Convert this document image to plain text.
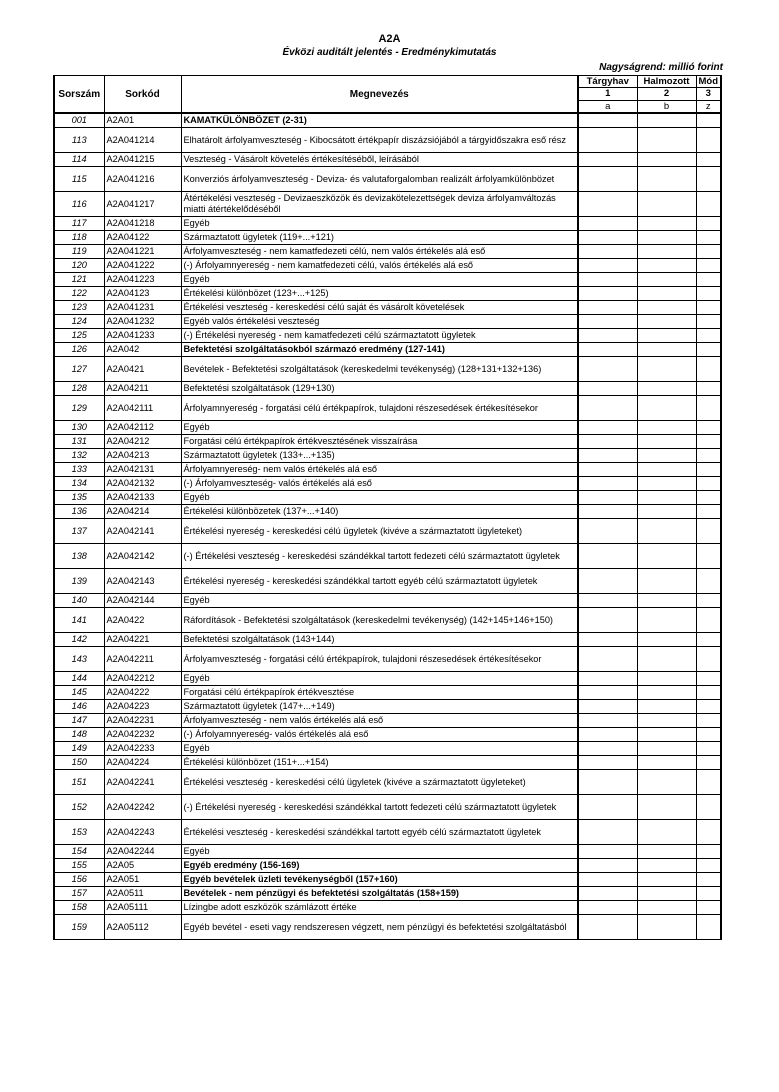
A2A
Évközi auditált jelentés - Eredménykimutatás
Nagyságrend: millió forint
Sorszám	Sorkód	Megnevezés	Tárgyhav	Halmozott	Mód
			1	2	3
			a	b	z
001	A2A01	KAMATKÜLÖNBÖZET (2-31)			
113	A2A041214	Elhatárolt árfolyamveszteség - Kibocsátott értékpapír diszázsiójából a tárgyidőszakra eső rész			
114	A2A041215	Veszteség - Vásárolt követelés értékesítéséből, leírásából			
115	A2A041216	Konverziós árfolyamveszteség - Deviza- és valutaforgalomban realizált árfolyamkülönbözet			
116	A2A041217	Átértékelési veszteség - Devizaeszközök és devizakötelezettségek deviza árfolyamváltozás miatti átértékelődéséből			
117	A2A041218	Egyéb			
118	A2A04122	Származtatott ügyletek (119+...+121)			
119	A2A041221	Árfolyamveszteség - nem kamatfedezeti célú, nem valós értékelés alá eső			
120	A2A041222	(-) Árfolyamnyereség - nem kamatfedezeti célú, valós értékelés alá eső			
121	A2A041223	Egyéb			
122	A2A04123	Értékelési különbözet (123+...+125)			
123	A2A041231	Értékelési veszteség - kereskedési célú saját és vásárolt követelések			
124	A2A041232	Egyéb valós értékelési veszteség			
125	A2A041233	(-) Értékelési nyereség - nem kamatfedezeti célú származtatott ügyletek			
126	A2A042	Befektetési szolgáltatásokból származó eredmény (127-141)			
127	A2A0421	Bevételek - Befektetési szolgáltatások (kereskedelmi tevékenység) (128+131+132+136)			
128	A2A04211	Befektetési szolgáltatások (129+130)			
129	A2A042111	Árfolyamnyereség - forgatási célú értékpapírok, tulajdoni részesedések értékesítésekor			
130	A2A042112	Egyéb			
131	A2A04212	Forgatási célú értékpapírok értékvesztésének visszaírása			
132	A2A04213	Származtatott ügyletek (133+...+135)			
133	A2A042131	Árfolyamnyereség- nem valós értékelés alá eső			
134	A2A042132	(-) Árfolyamveszteség- valós értékelés alá eső			
135	A2A042133	Egyéb			
136	A2A04214	Értékelési különbözetek (137+...+140)			
137	A2A042141	Értékelési nyereség - kereskedési célú ügyletek (kivéve a származtatott ügyleteket)			
138	A2A042142	(-) Értékelési veszteség - kereskedési szándékkal tartott fedezeti célú származtatott ügyletek			
139	A2A042143	Értékelési nyereség - kereskedési szándékkal tartott egyéb célú származtatott ügyletek			
140	A2A042144	Egyéb			
141	A2A0422	Ráfordítások - Befektetési szolgáltatások (kereskedelmi tevékenység) (142+145+146+150)			
142	A2A04221	Befektetési szolgáltatások (143+144)			
143	A2A042211	Árfolyamveszteség - forgatási célú értékpapírok, tulajdoni részesedések értékesítésekor			
144	A2A042212	Egyéb			
145	A2A04222	Forgatási célú értékpapírok értékvesztése			
146	A2A04223	Származtatott ügyletek (147+...+149)			
147	A2A042231	Árfolyamveszteség - nem valós értékelés alá eső			
148	A2A042232	(-) Árfolyamnyereség- valós értékelés alá eső			
149	A2A042233	Egyéb			
150	A2A04224	Értékelési különbözet (151+...+154)			
151	A2A042241	Értékelési veszteség - kereskedési célú ügyletek (kivéve a származtatott ügyleteket)			
152	A2A042242	(-) Értékelési nyereség - kereskedési szándékkal tartott fedezeti célú származtatott ügyletek			
153	A2A042243	Értékelési veszteség - kereskedési szándékkal tartott egyéb célú származtatott ügyletek			
154	A2A042244	Egyéb			
155	A2A05	Egyéb eredmény (156-169)			
156	A2A051	Egyéb bevételek üzleti tevékenységből (157+160)			
157	A2A0511	Bevételek - nem pénzügyi és befektetési szolgáltatás (158+159)			
158	A2A05111	Lízingbe adott eszközök számlázott értéke			
159	A2A05112	Egyéb bevétel - eseti vagy rendszeresen végzett, nem pénzügyi és befektetési szolgáltatásból			
